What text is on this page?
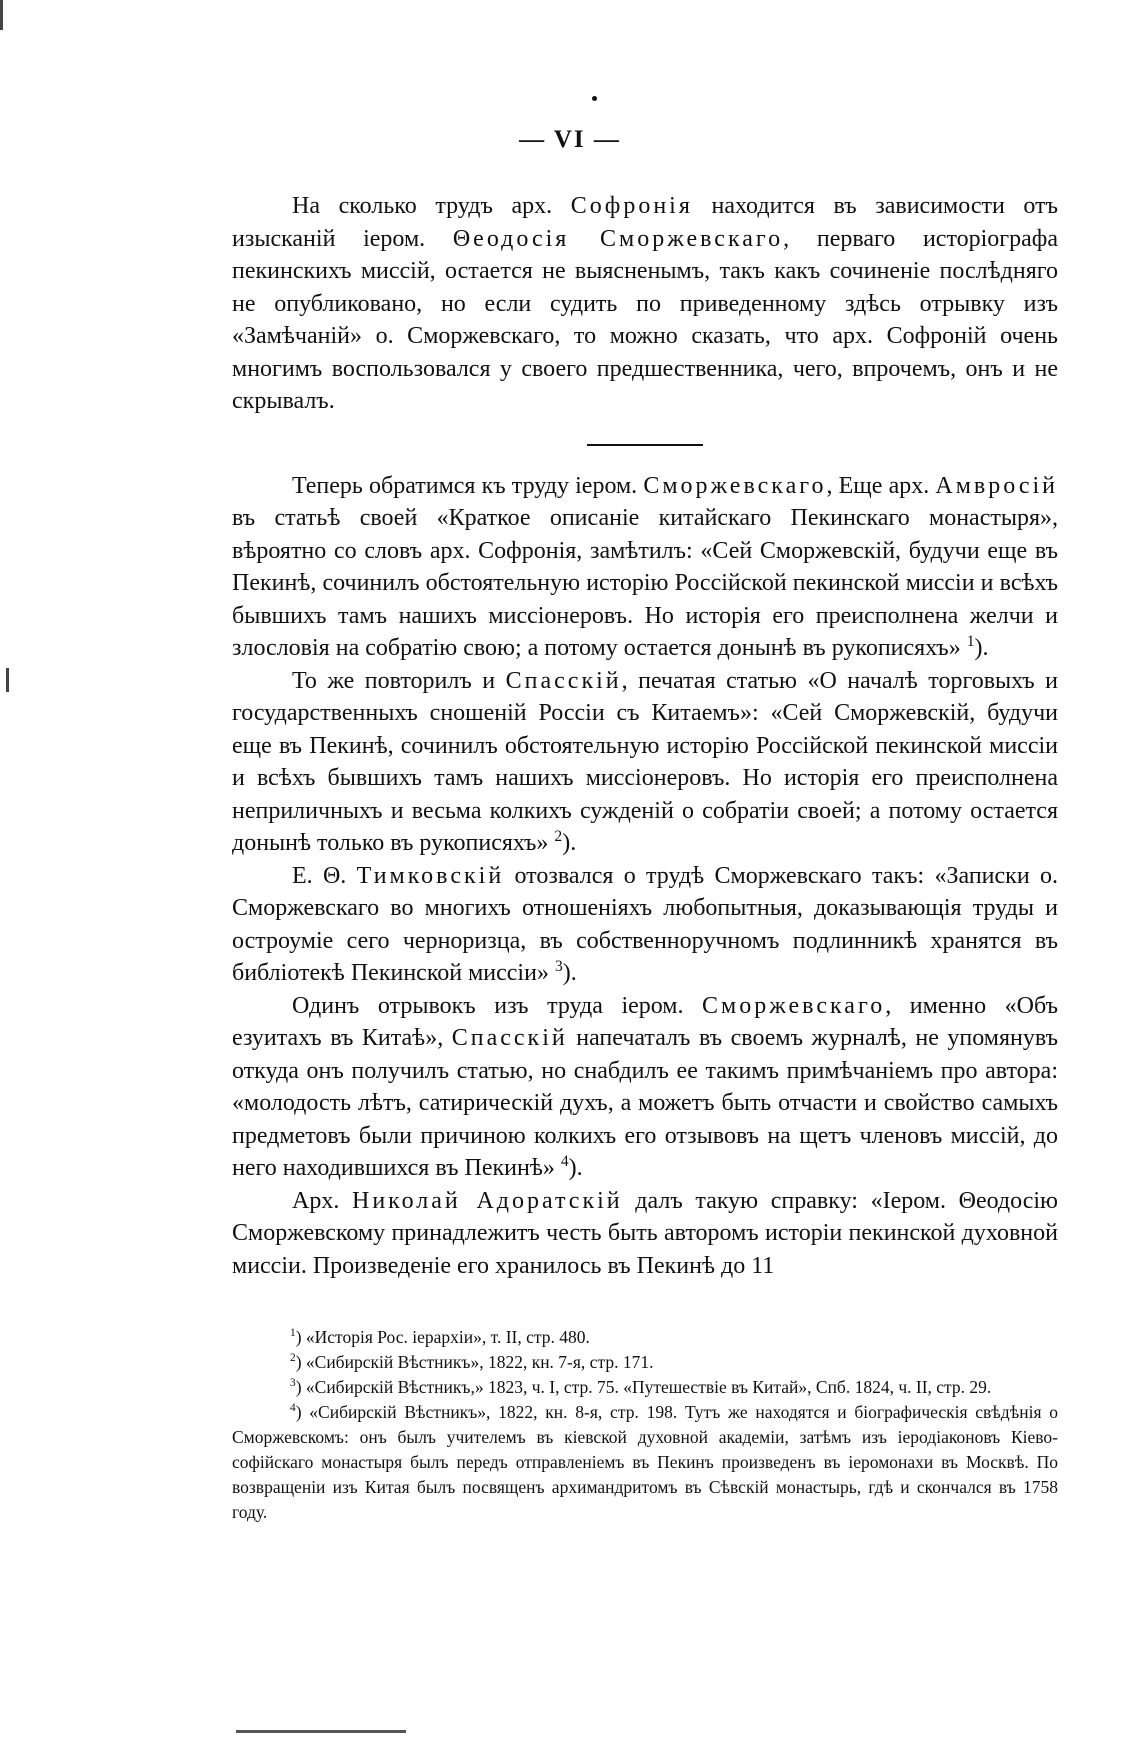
— VI —

На сколько трудъ арх. Софронія находится въ зависимости отъ изысканій іером. Θеодосія Сморжевскаго, перваго исторіографа пекинскихъ миссій, остается не выясненымъ, такъ какъ сочиненіе послѣдняго не опубликовано, но если судить по приведенному здѣсь отрывку изъ «Замѣчаній» о. Сморжевскаго, то можно сказать, что арх. Софроній очень многимъ воспользовался у своего предшественника, чего, впрочемъ, онъ и не скрывалъ.

Теперь обратимся къ труду іером. Сморжевскаго, Еще арх. Амвросій въ статьѣ своей «Краткое описаніе китайскаго Пекинскаго монастыря», вѣроятно со словъ арх. Софронія, замѣтилъ: «Сей Сморжевскій, будучи еще въ Пекинѣ, сочинилъ обстоятельную исторію Россійской пекинской миссіи и всѣхъ бывшихъ тамъ нашихъ миссіонеровъ. Но исторія его преисполнена желчи и злословія на собратію свою; а потому остается донынѣ въ рукописяхъ» $^1$).

То же повторилъ и Спасскій, печатая статью «О началѣ торговыхъ и государственныхъ сношеній Россіи съ Китаемъ»: «Сей Сморжевскій, будучи еще въ Пекинѣ, сочинилъ обстоятельную исторію Россійской пекинской миссіи и всѣхъ бывшихъ тамъ нашихъ миссіонеровъ. Но исторія его преисполнена неприличныхъ и весьма колкихъ сужденій о собратіи своей; а потому остается донынѣ только въ рукописяхъ» $^2$).

Е. Θ. Тимковскій отозвался о трудѣ Сморжевскаго такъ: «Записки о. Сморжевскаго во многихъ отношеніяхъ любопытныя, доказывающія труды и остроуміе сего черноризца, въ собственноручномъ подлинникѣ хранятся въ библіотекѣ Пекинской миссіи» $^3$).

Одинъ отрывокъ изъ труда іером. Сморжевскаго, именно «Объ езуитахъ въ Китаѣ», Спасскій напечаталъ въ своемъ журналѣ, не упомянувъ откуда онъ получилъ статью, но снабдилъ ее такимъ примѣчаніемъ про автора: «молодость лѣтъ, сатирическій духъ, а можетъ быть отчасти и свойство самыхъ предметовъ были причиною колкихъ его отзывовъ на щетъ членовъ миссій, до него находившихся въ Пекинѣ» $^4$).

Арх. Николай Адоратскій далъ такую справку: «Іером. Θеодосію Сморжевскому принадлежитъ честь быть авторомъ исторіи пекинской духовной миссіи. Произведеніе его хранилось въ Пекинѣ до 11

$^1$) «Исторія Рос. іерархіи», т. II, стр. 480.

$^2$) «Сибирскій Вѣстникъ», 1822, кн. 7-я, стр. 171.

$^3$) «Сибирскій Вѣстникъ,» 1823, ч. I, стр. 75. «Путешествіе въ Китай», Спб. 1824, ч. II, стр. 29.

$^4$) «Сибирскій Вѣстникъ», 1822, кн. 8-я, стр. 198. Тутъ же находятся и біографическія свѣдѣнія о Сморжевскомъ: онъ былъ учителемъ въ кіевской духовной академіи, затѣмъ изъ іеродіаконовъ Кіево-софійскаго монастыря былъ передъ отправленіемъ въ Пекинъ произведенъ въ іеромонахи въ Москвѣ. По возвращеніи изъ Китая былъ посвященъ архимандритомъ въ Сѣвскій монастырь, гдѣ и скончался въ 1758 году.
